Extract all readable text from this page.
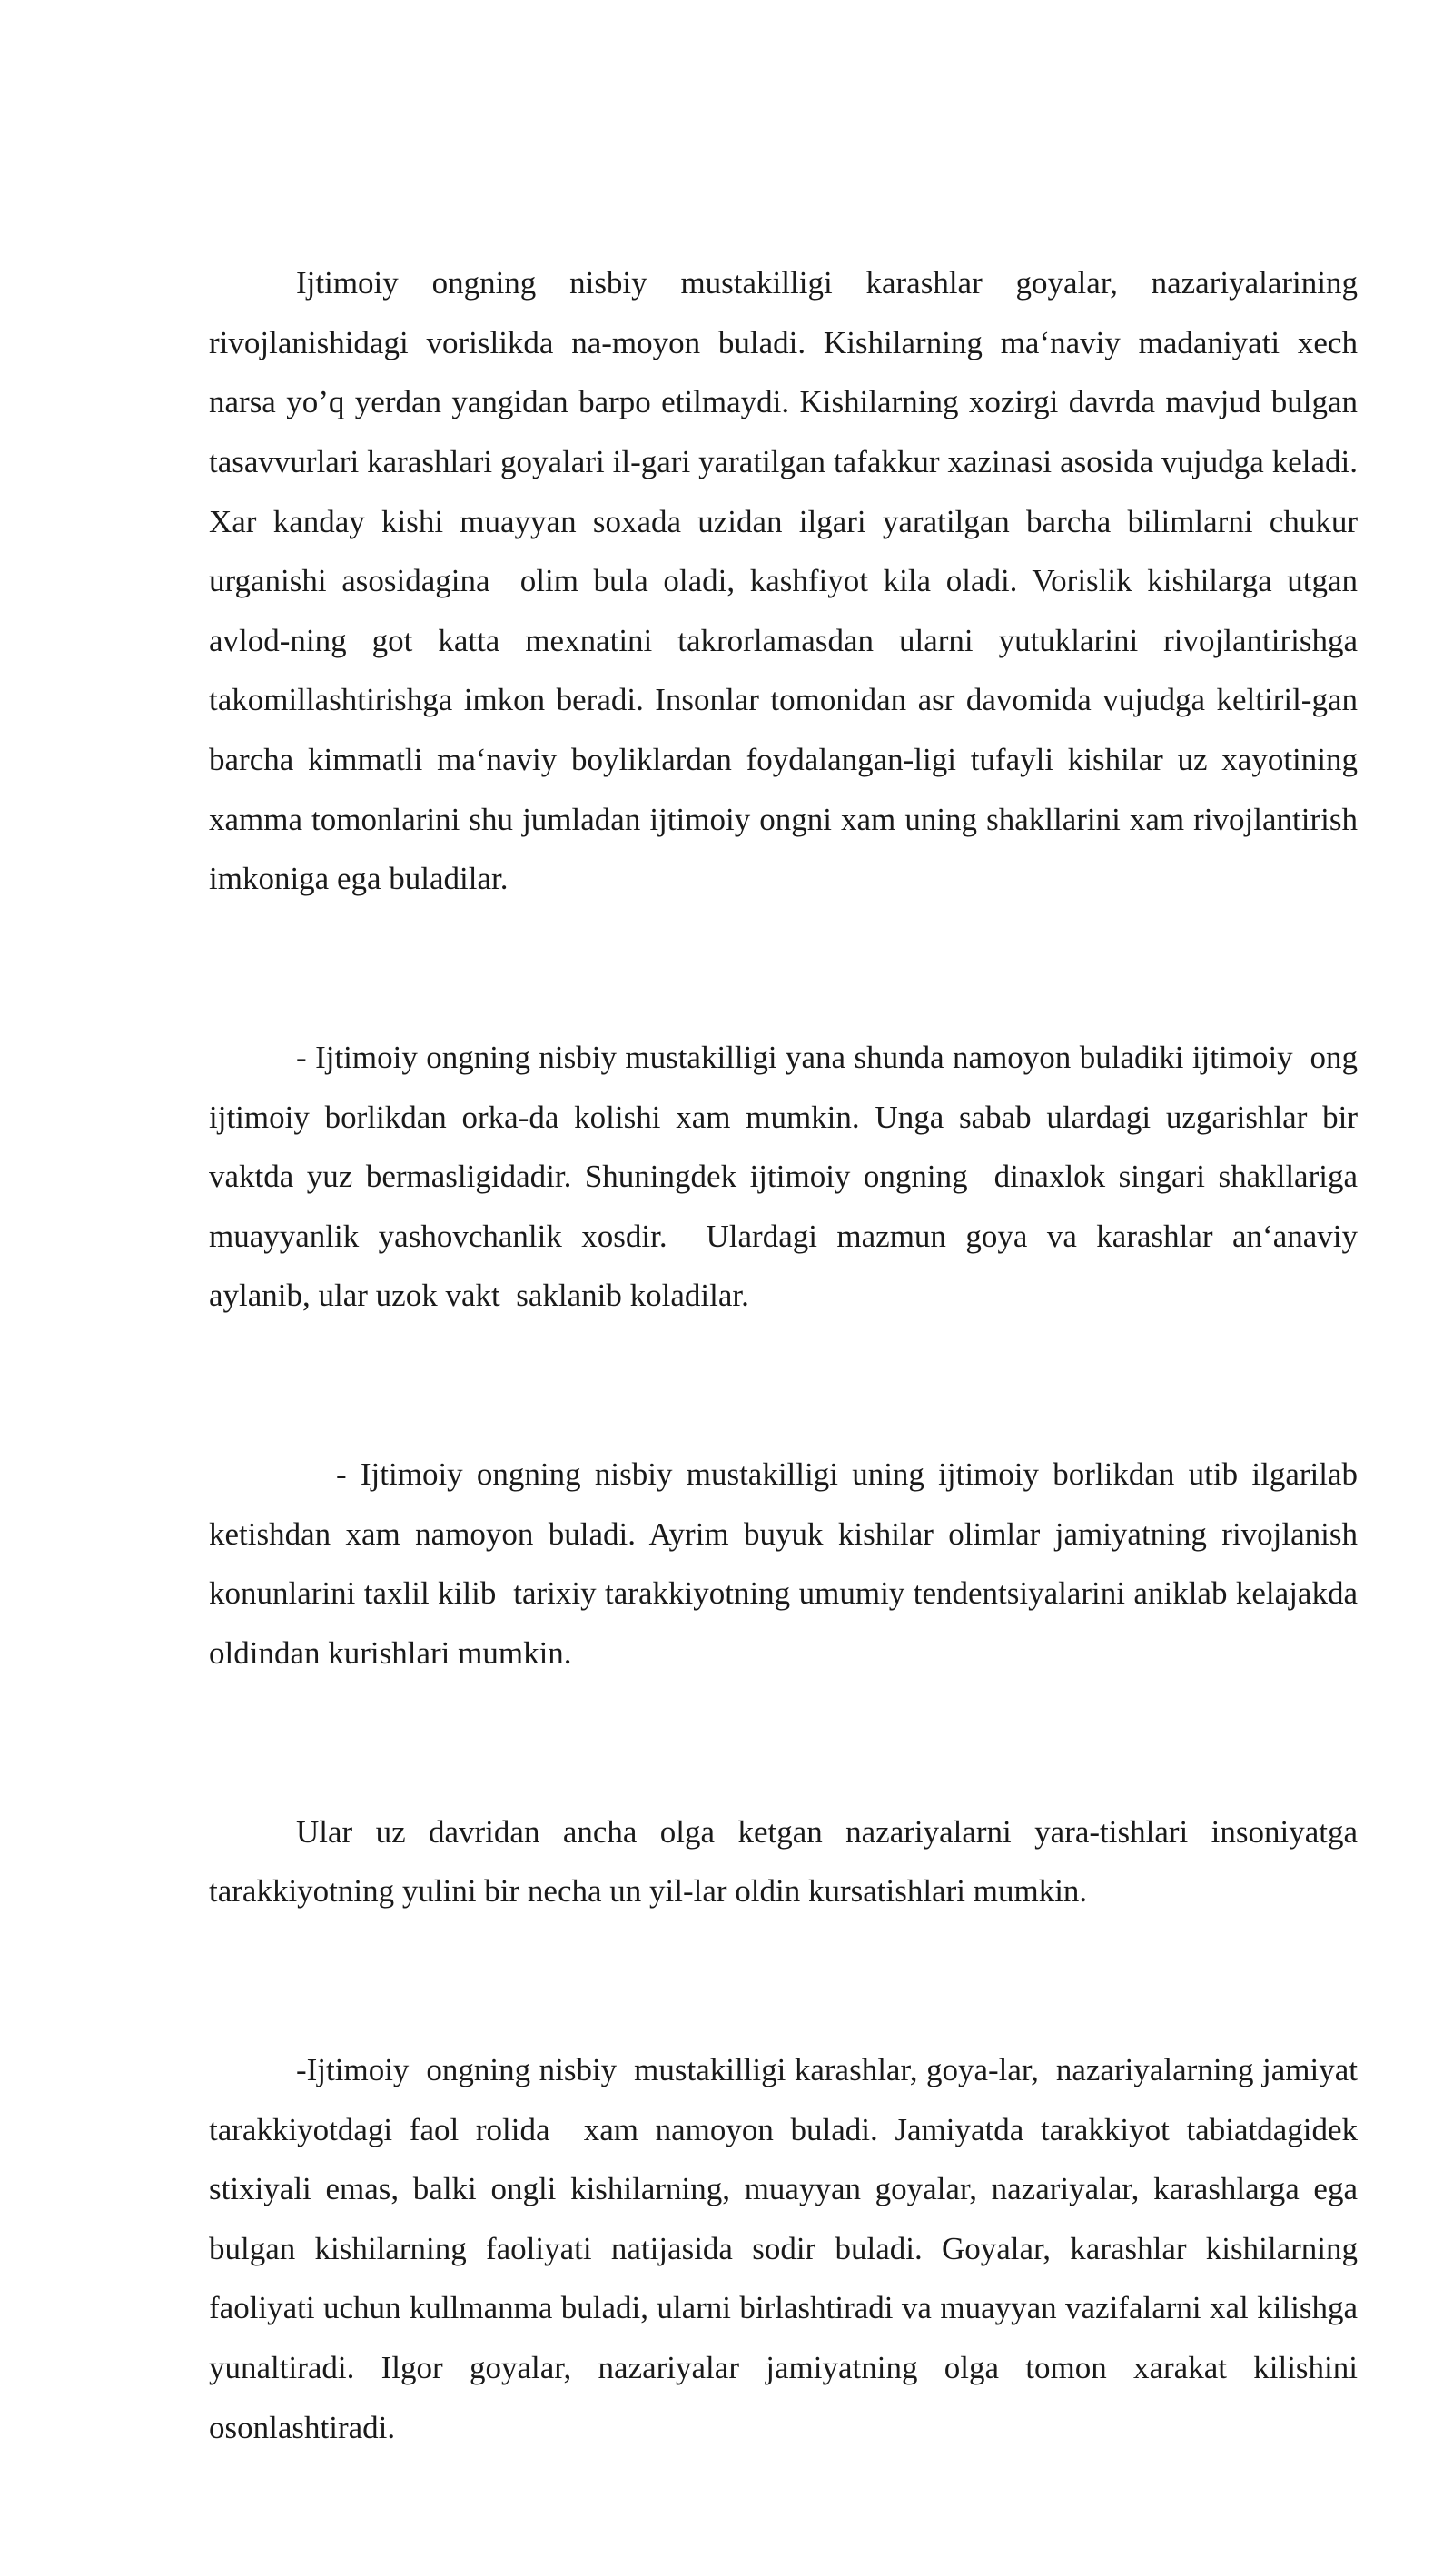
Ijtimoiy ongning nisbiy mustakilligi karashlar goyalar, nazariyalarining rivojlanishidagi vorislikda na-moyon buladi. Kishilarning ma‘naviy madaniyati xech narsa yo’q yerdan yangidan barpo etilmaydi. Kishilarning xozirgi davrda mavjud bulgan tasavvurlari karashlari goyalari il-gari yaratilgan tafakkur xazinasi asosida vujudga keladi. Xar kanday kishi muayyan soxada uzidan ilgari yaratilgan barcha bilimlarni chukur urganishi asosidagina  olim bula oladi, kashfiyot kila oladi. Vorislik kishilarga utgan avlod-ning got katta mexnatini takrorlamasdan ularni yutuklarini rivojlantirishga takomillashtirishga imkon beradi. Insonlar tomonidan asr davomida vujudga keltiril-gan  barcha kimmatli ma‘naviy boyliklardan foydalangan-ligi tufayli kishilar uz xayotining xamma tomonlarini shu jumladan ijtimoiy ongni xam uning shakllarini xam rivojlantirish imkoniga ega buladilar.

- Ijtimoiy ongning nisbiy mustakilligi yana shunda namoyon buladiki ijtimoiy  ong ijtimoiy borlikdan orka-da kolishi xam mumkin. Unga sabab ulardagi uzgarishlar bir vaktda yuz bermasligidadir. Shuningdek ijtimoiy ongning  dinaxlok singari shakllariga muayyanlik yashovchanlik xosdir.  Ulardagi mazmun goya va karashlar an‘anaviy aylanib, ular uzok vakt  saklanib koladilar.

- Ijtimoiy ongning nisbiy mustakilligi uning ijtimoiy borlikdan utib ilgarilab ketishdan xam namoyon buladi. Ayrim buyuk kishilar olimlar jamiyatning rivojlanish konunlarini taxlil kilib  tarixiy tarakkiyotning umumiy tendentsiyalarini aniklab kelajakda oldindan kurishlari mumkin.

Ular uz davridan ancha olga ketgan nazariyalarni yara-tishlari insoniyatga tarakkiyotning yulini bir necha un yil-lar oldin kursatishlari mumkin.

-Ijtimoiy  ongning nisbiy  mustakilligi karashlar, goya-lar,  nazariyalarning jamiyat  tarakkiyotdagi faol rolida  xam namoyon buladi. Jamiyatda tarakkiyot tabiatdagidek stixiyali emas, balki ongli kishilarning, muayyan goyalar, nazariyalar, karashlarga ega bulgan kishilarning faoliyati natijasida sodir buladi. Goyalar, karashlar kishilarning faoliyati uchun kullmanma buladi, ularni birlashtiradi va muayyan vazifalarni xal kilishga yunaltiradi. Ilgor goyalar, nazariyalar jamiyatning olga tomon xarakat kilishini osonlashtiradi.
